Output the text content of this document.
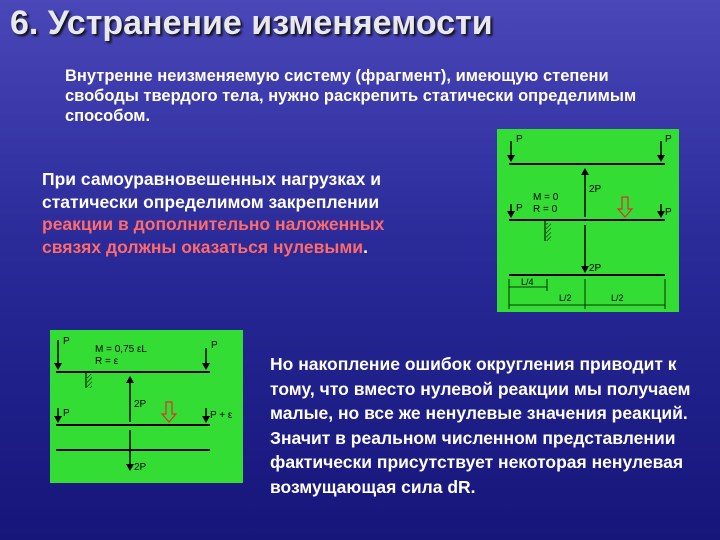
6. Устранение изменяемости
Внутренне неизменяемую систему (фрагмент), имеющую степени свободы твердого тела, нужно раскрепить статически определимым способом.
При самоуравновешенных нагрузках и
статически определимом закреплении
реакции в дополнительно наложенных
связях должны оказаться нулевыми.
Но накопление ошибок округления приводит к тому, что вместо нулевой реакции мы получаем малые, но все же ненулевые значения реакций. Значит в реальном численном представлении фактически присутствует некоторая ненулевая возмущающая сила dR.
P	P
2P
P
M = 0
R = 0	P
2P
L/4
L/2	L/2
P
M = 0,75 εL
R = ε
P
2P
P	P + ε
2P
